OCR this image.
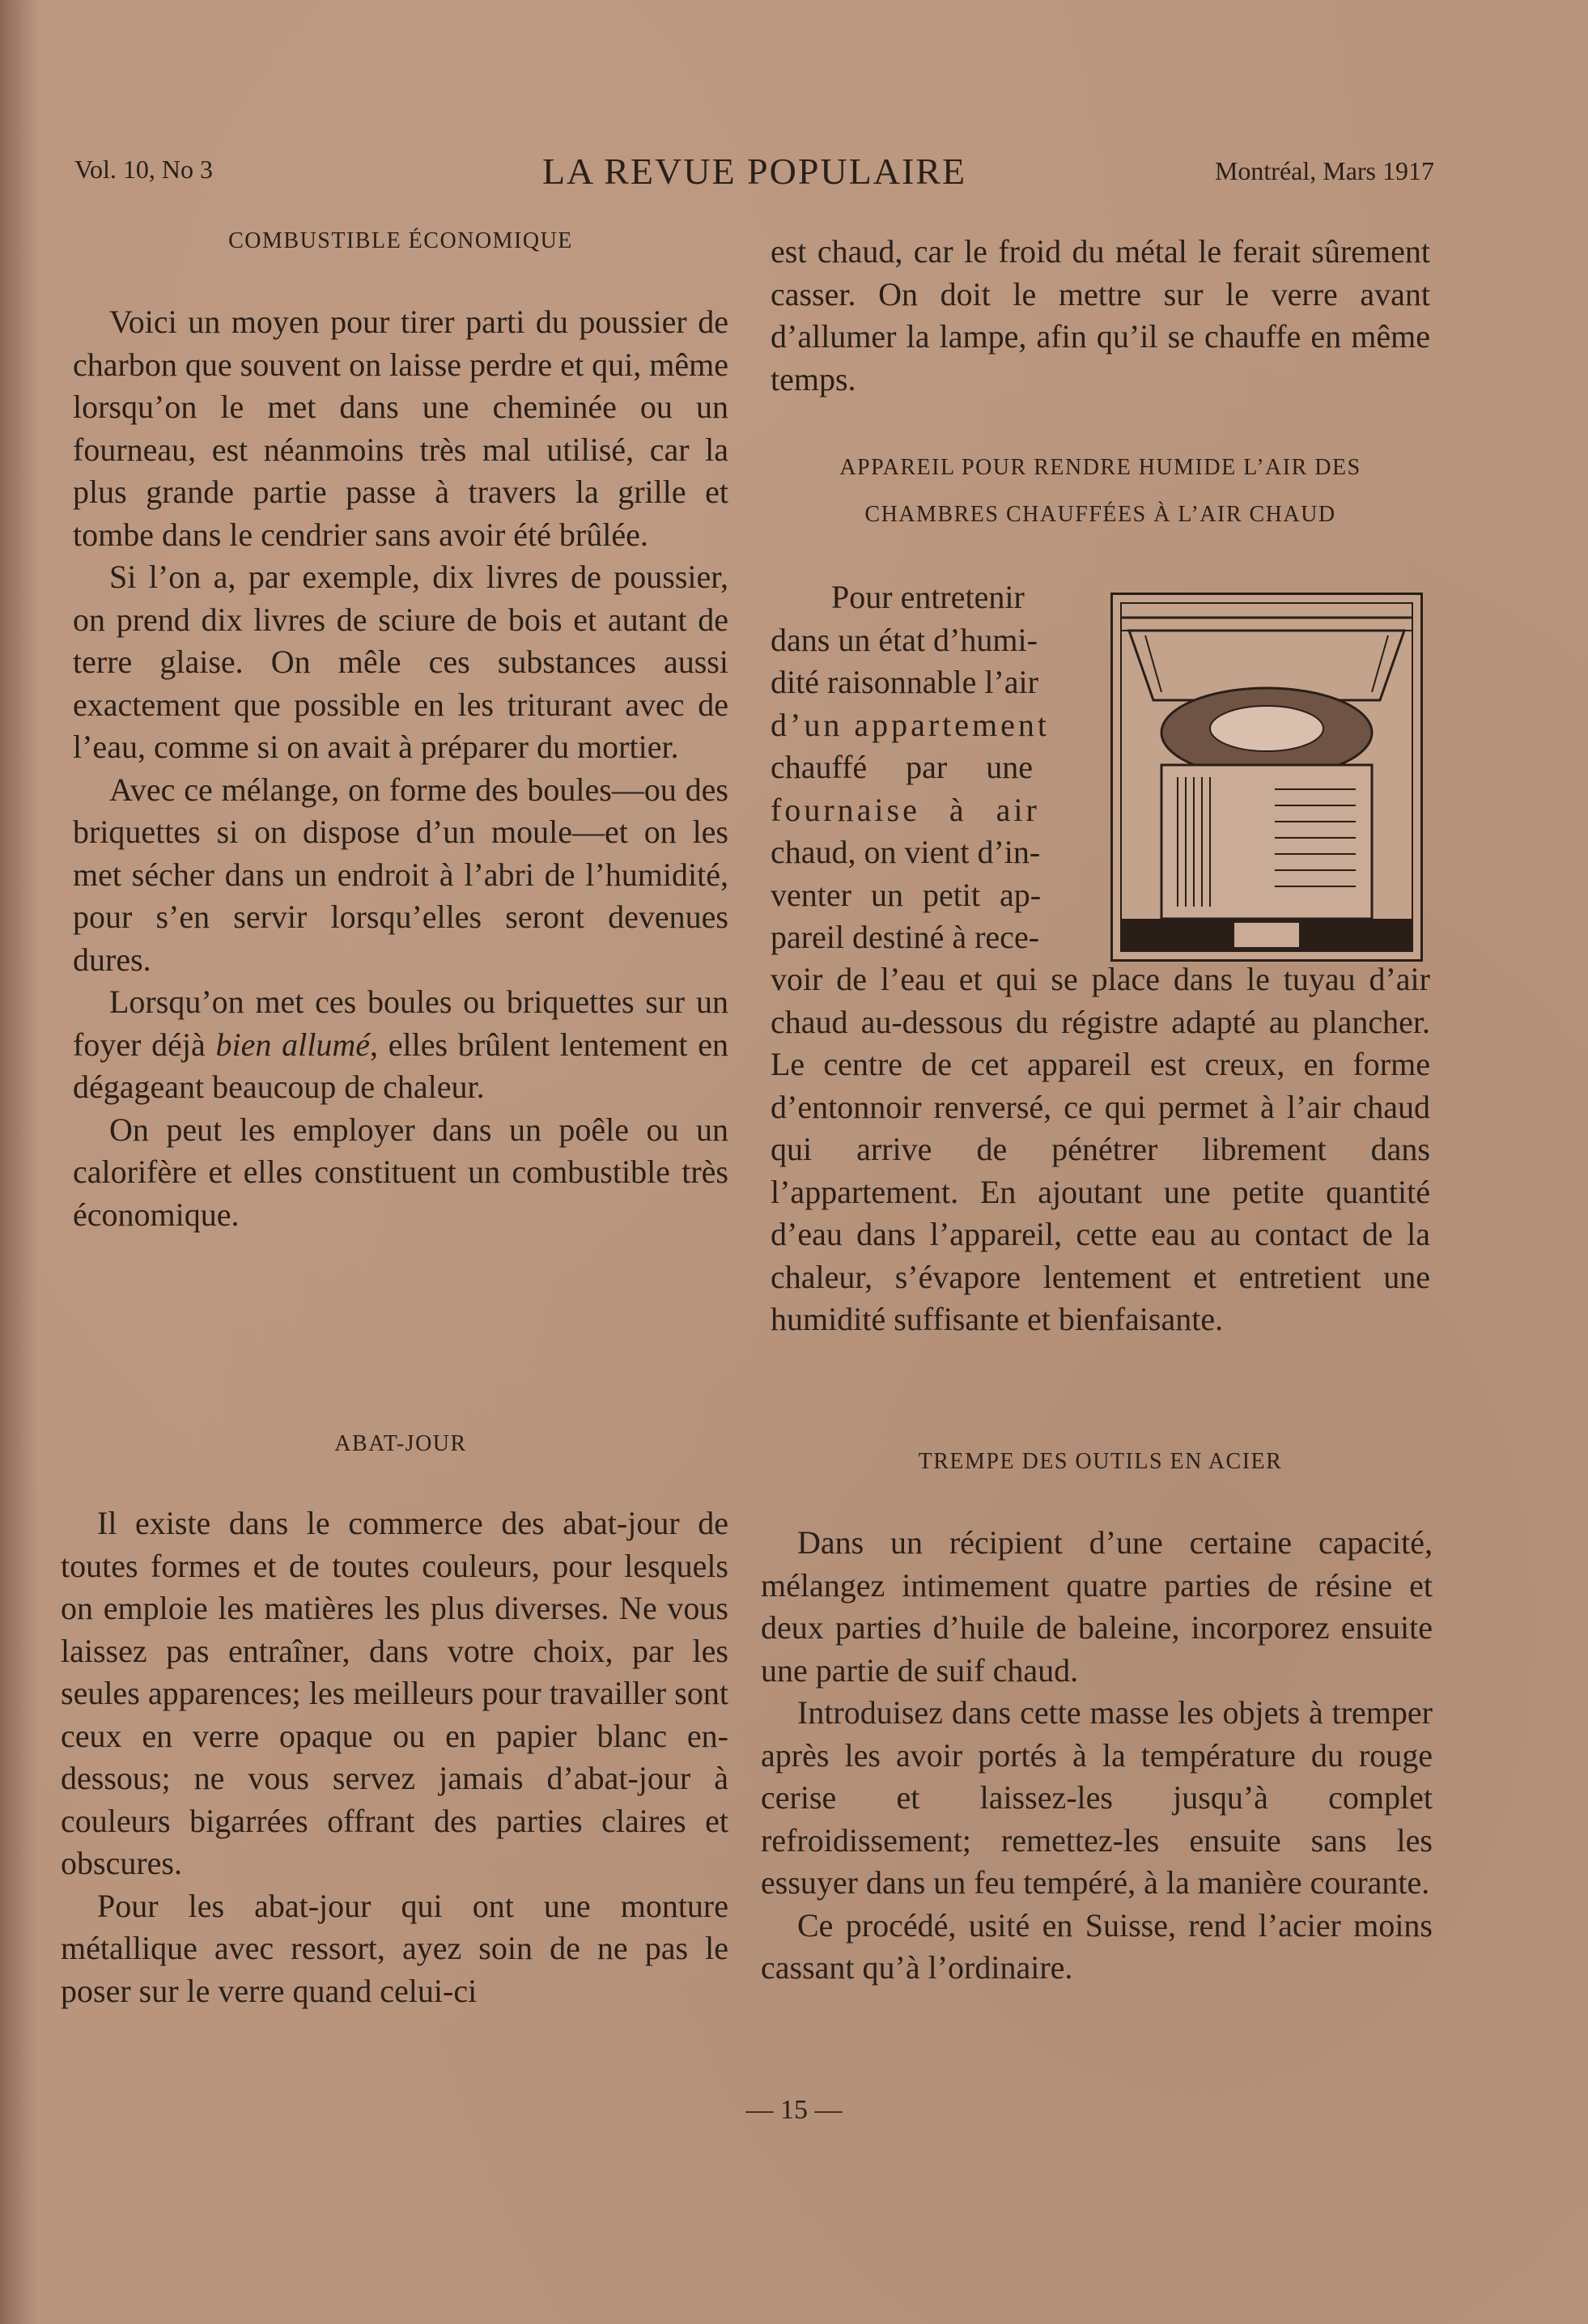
Vol. 10, No 3	LA REVUE POPULAIRE	Montréal, Mars 1917
COMBUSTIBLE ÉCONOMIQUE

Voici un moyen pour tirer parti du poussier de charbon que souvent on laisse perdre et qui, même lorsqu’on le met dans une cheminée ou un fourneau, est néanmoins très mal utilisé, car la plus grande partie passe à travers la grille et tombe dans le cendrier sans avoir été brûlée.

Si l’on a, par exemple, dix livres de poussier, on prend dix livres de sciure de bois et autant de terre glaise. On mêle ces substances aussi exactement que possible en les triturant avec de l’eau, comme si on avait à préparer du mortier.

Avec ce mélange, on forme des boules—ou des briquettes si on dispose d’un moule—et on les met sécher dans un endroit à l’abri de l’humidité, pour s’en servir lorsqu’elles seront devenues dures.

Lorsqu’on met ces boules ou briquettes sur un foyer déjà bien allumé, elles brûlent lentement en dégageant beaucoup de chaleur.

On peut les employer dans un poêle ou un calorifère et elles constituent un combustible très économique.

ABAT-JOUR

Il existe dans le commerce des abat-jour de toutes formes et de toutes couleurs, pour lesquels on emploie les matières les plus diverses. Ne vous laissez pas entraîner, dans votre choix, par les seules apparences; les meilleurs pour travailler sont ceux en verre opaque ou en papier blanc en-dessous; ne vous servez jamais d’abat-jour à couleurs bigarrées offrant des parties claires et obscures.

Pour les abat-jour qui ont une monture métallique avec ressort, ayez soin de ne pas le poser sur le verre quand celui-ci

est chaud, car le froid du métal le ferait sûrement casser. On doit le mettre sur le verre avant d’allumer la lampe, afin qu’il se chauffe en même temps.

APPAREIL POUR RENDRE HUMIDE L’AIR DES
CHAMBRES CHAUFFÉES À L’AIR CHAUD
Pour entretenir
dans un état d’humi-
dité raisonnable l’air
d’un appartement
chauffé par une
fournaise à air
chaud, on vient d’in-
venter un petit ap-
pareil destiné à rece-

voir de l’eau et qui se place dans le tuyau d’air chaud au-dessous du régistre adapté au plancher. Le centre de cet appareil est creux, en forme d’entonnoir renversé, ce qui permet à l’air chaud qui arrive de pénétrer librement dans l’appartement. En ajoutant une petite quantité d’eau dans l’appareil, cette eau au contact de la chaleur, s’évapore lentement et entretient une humidité suffisante et bienfaisante.

TREMPE DES OUTILS EN ACIER

Dans un récipient d’une certaine capacité, mélangez intimement quatre parties de résine et deux parties d’huile de baleine, incorporez ensuite une partie de suif chaud.

Introduisez dans cette masse les objets à tremper après les avoir portés à la température du rouge cerise et laissez-les jusqu’à complet refroidissement; remettez-les ensuite sans les essuyer dans un feu tempéré, à la manière courante.

Ce procédé, usité en Suisse, rend l’acier moins cassant qu’à l’ordinaire.

— 15 —
